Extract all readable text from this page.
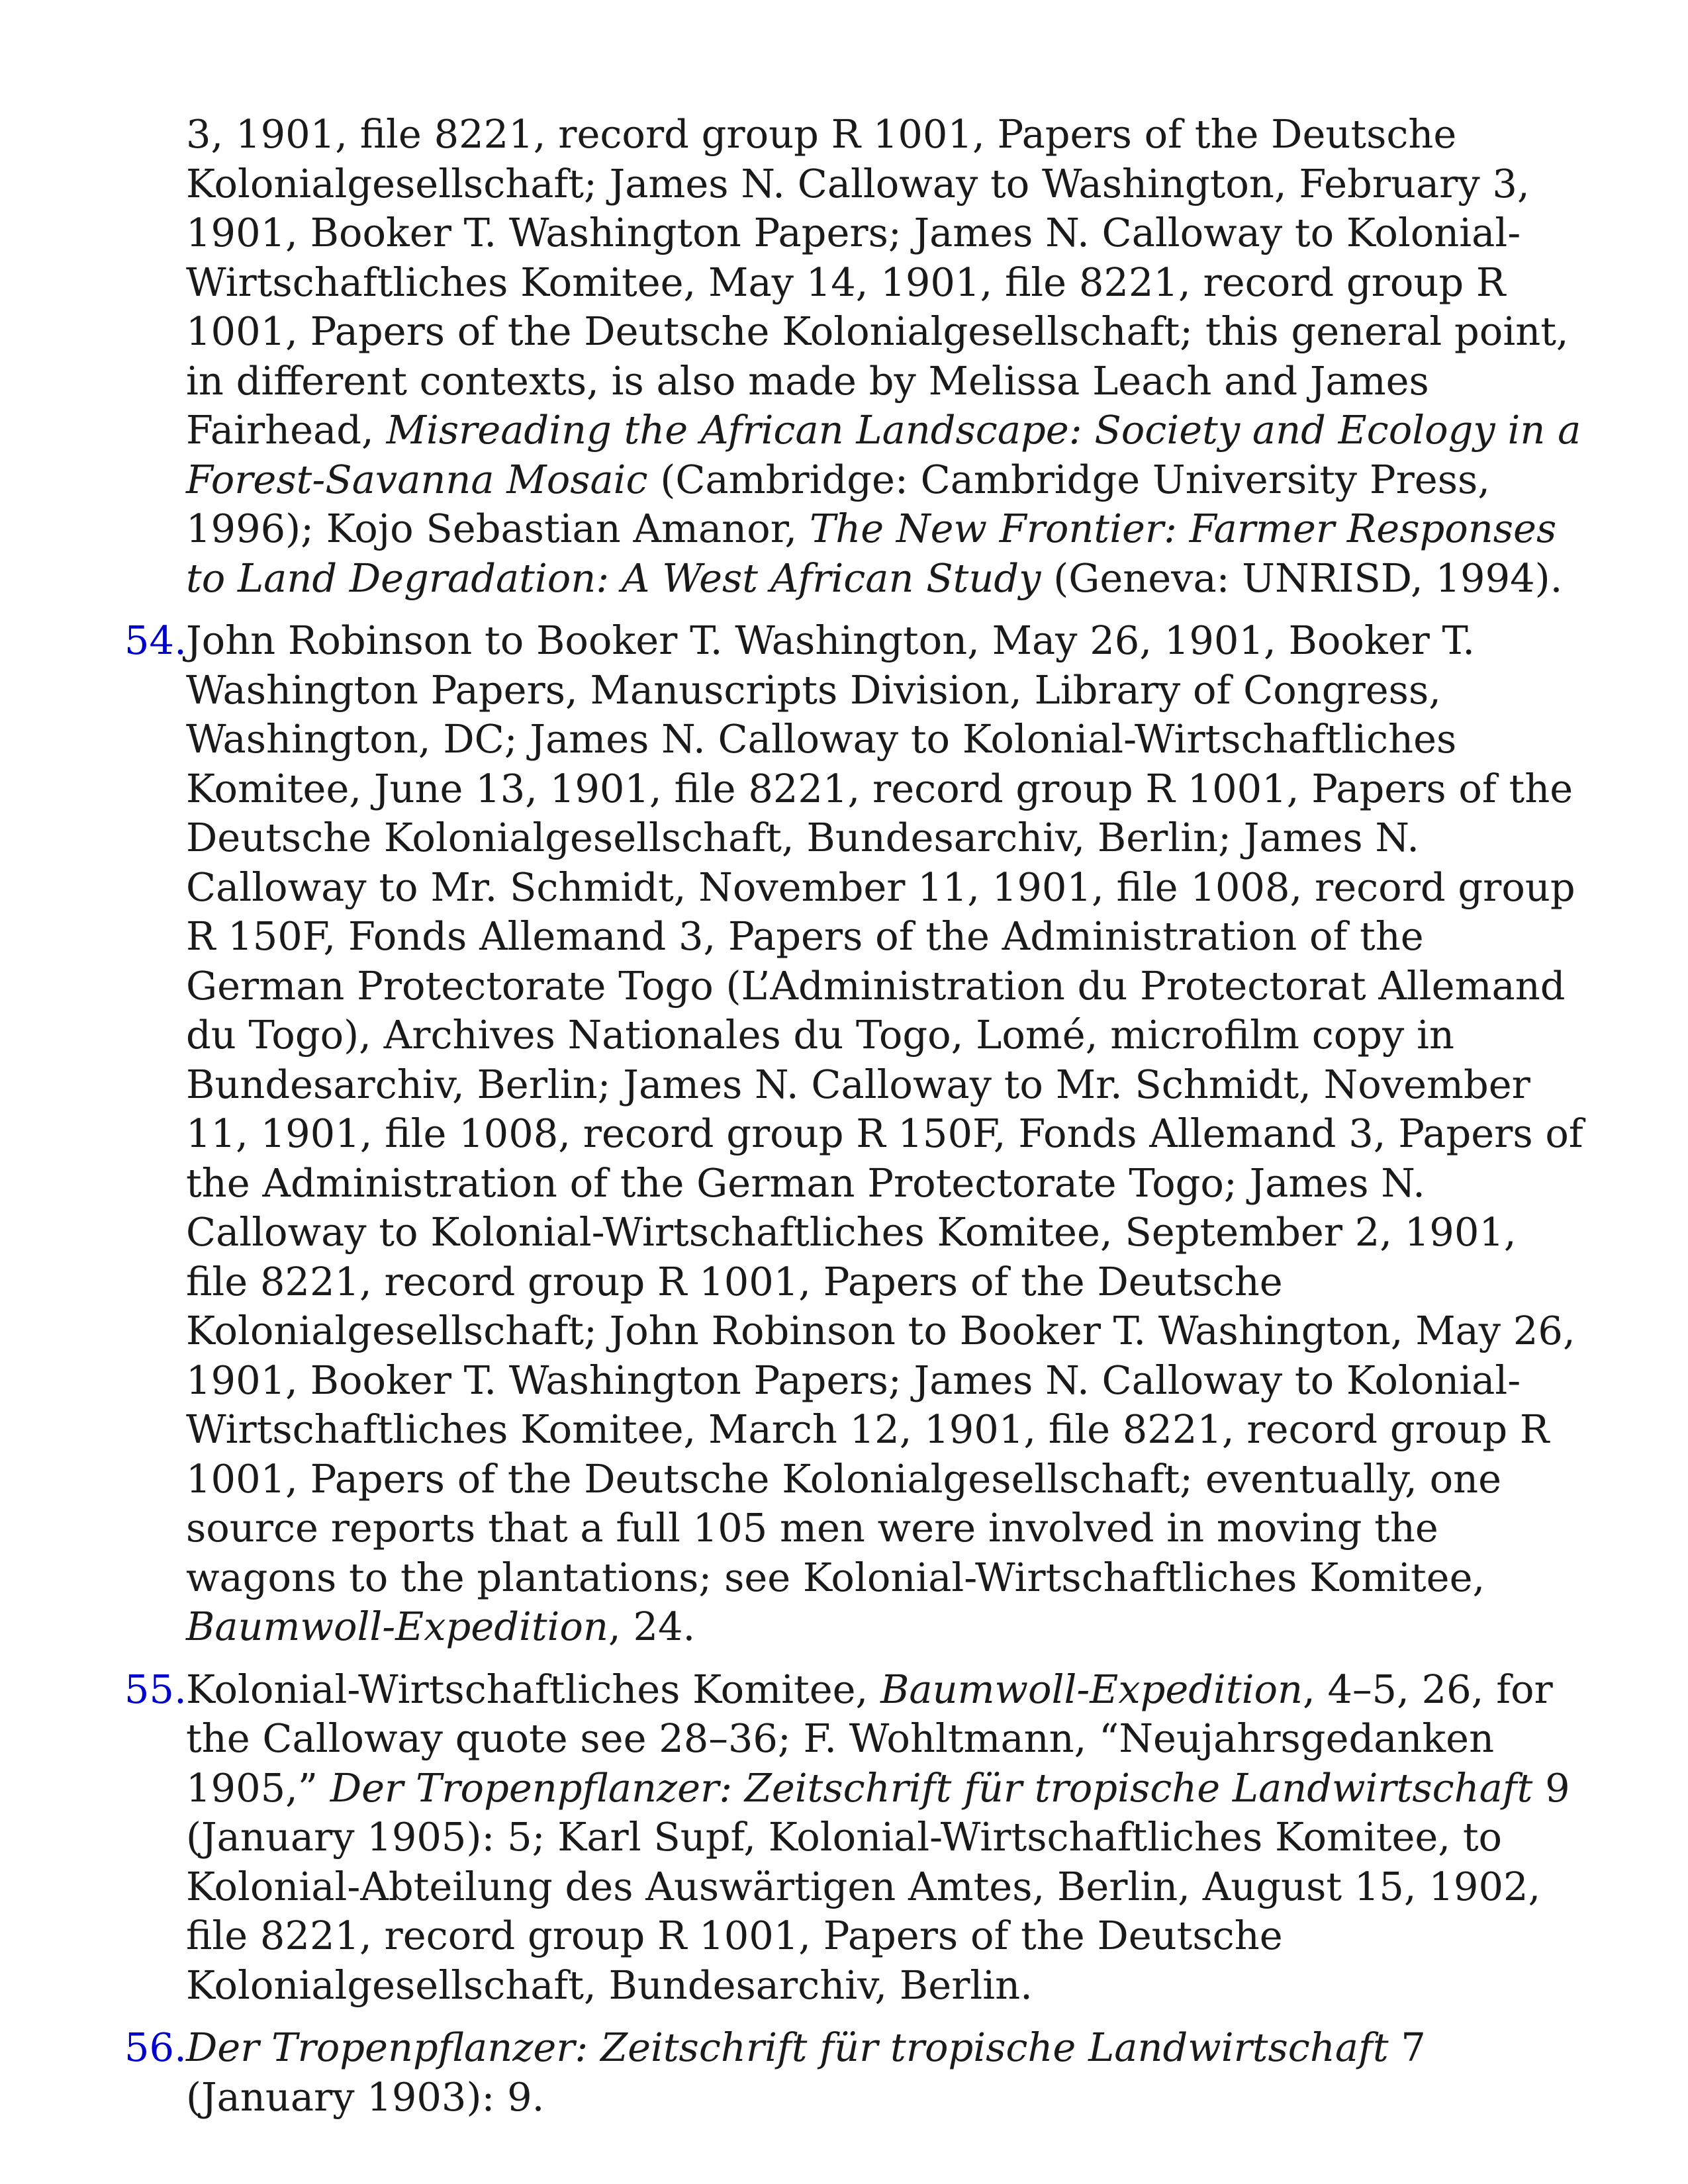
3, 1901, file 8221, record group R 1001, Papers of the Deutsche Kolonialgesellschaft; James N. Calloway to Washington, February 3, 1901, Booker T. Washington Papers; James N. Calloway to Kolonial-Wirtschaftliches Komitee, May 14, 1901, file 8221, record group R 1001, Papers of the Deutsche Kolonialgesellschaft; this general point, in different contexts, is also made by Melissa Leach and James Fairhead, Misreading the African Landscape: Society and Ecology in a Forest-Savanna Mosaic (Cambridge: Cambridge University Press, 1996); Kojo Sebastian Amanor, The New Frontier: Farmer Responses to Land Degradation: A West African Study (Geneva: UNRISD, 1994).

54.John Robinson to Booker T. Washington, May 26, 1901, Booker T. Washington Papers, Manuscripts Division, Library of Congress, Washington, DC; James N. Calloway to Kolonial-Wirtschaftliches Komitee, June 13, 1901, file 8221, record group R 1001, Papers of the Deutsche Kolonialgesellschaft, Bundesarchiv, Berlin; James N. Calloway to Mr. Schmidt, November 11, 1901, file 1008, record group R 150F, Fonds Allemand 3, Papers of the Administration of the German Protectorate Togo (L’Administration du Protectorat Allemand du Togo), Archives Nationales du Togo, Lomé, microfilm copy in Bundesarchiv, Berlin; James N. Calloway to Mr. Schmidt, November 11, 1901, file 1008, record group R 150F, Fonds Allemand 3, Papers of the Administration of the German Protectorate Togo; James N. Calloway to Kolonial-Wirtschaftliches Komitee, September 2, 1901, file 8221, record group R 1001, Papers of the Deutsche Kolonialgesellschaft; John Robinson to Booker T. Washington, May 26, 1901, Booker T. Washington Papers; James N. Calloway to Kolonial-Wirtschaftliches Komitee, March 12, 1901, file 8221, record group R 1001, Papers of the Deutsche Kolonialgesellschaft; eventually, one source reports that a full 105 men were involved in moving the wagons to the plantations; see Kolonial-Wirtschaftliches Komitee, Baumwoll-Expedition, 24.

55.Kolonial-Wirtschaftliches Komitee, Baumwoll-Expedition, 4–5, 26, for the Calloway quote see 28–36; F. Wohltmann, “Neujahrsgedanken 1905,” Der Tropenpflanzer: Zeitschrift für tropische Landwirtschaft 9 (January 1905): 5; Karl Supf, Kolonial-Wirtschaftliches Komitee, to Kolonial-Abteilung des Auswärtigen Amtes, Berlin, August 15, 1902, file 8221, record group R 1001, Papers of the Deutsche Kolonialgesellschaft, Bundesarchiv, Berlin.

56.Der Tropenpflanzer: Zeitschrift für tropische Landwirtschaft 7 (January 1903): 9.
